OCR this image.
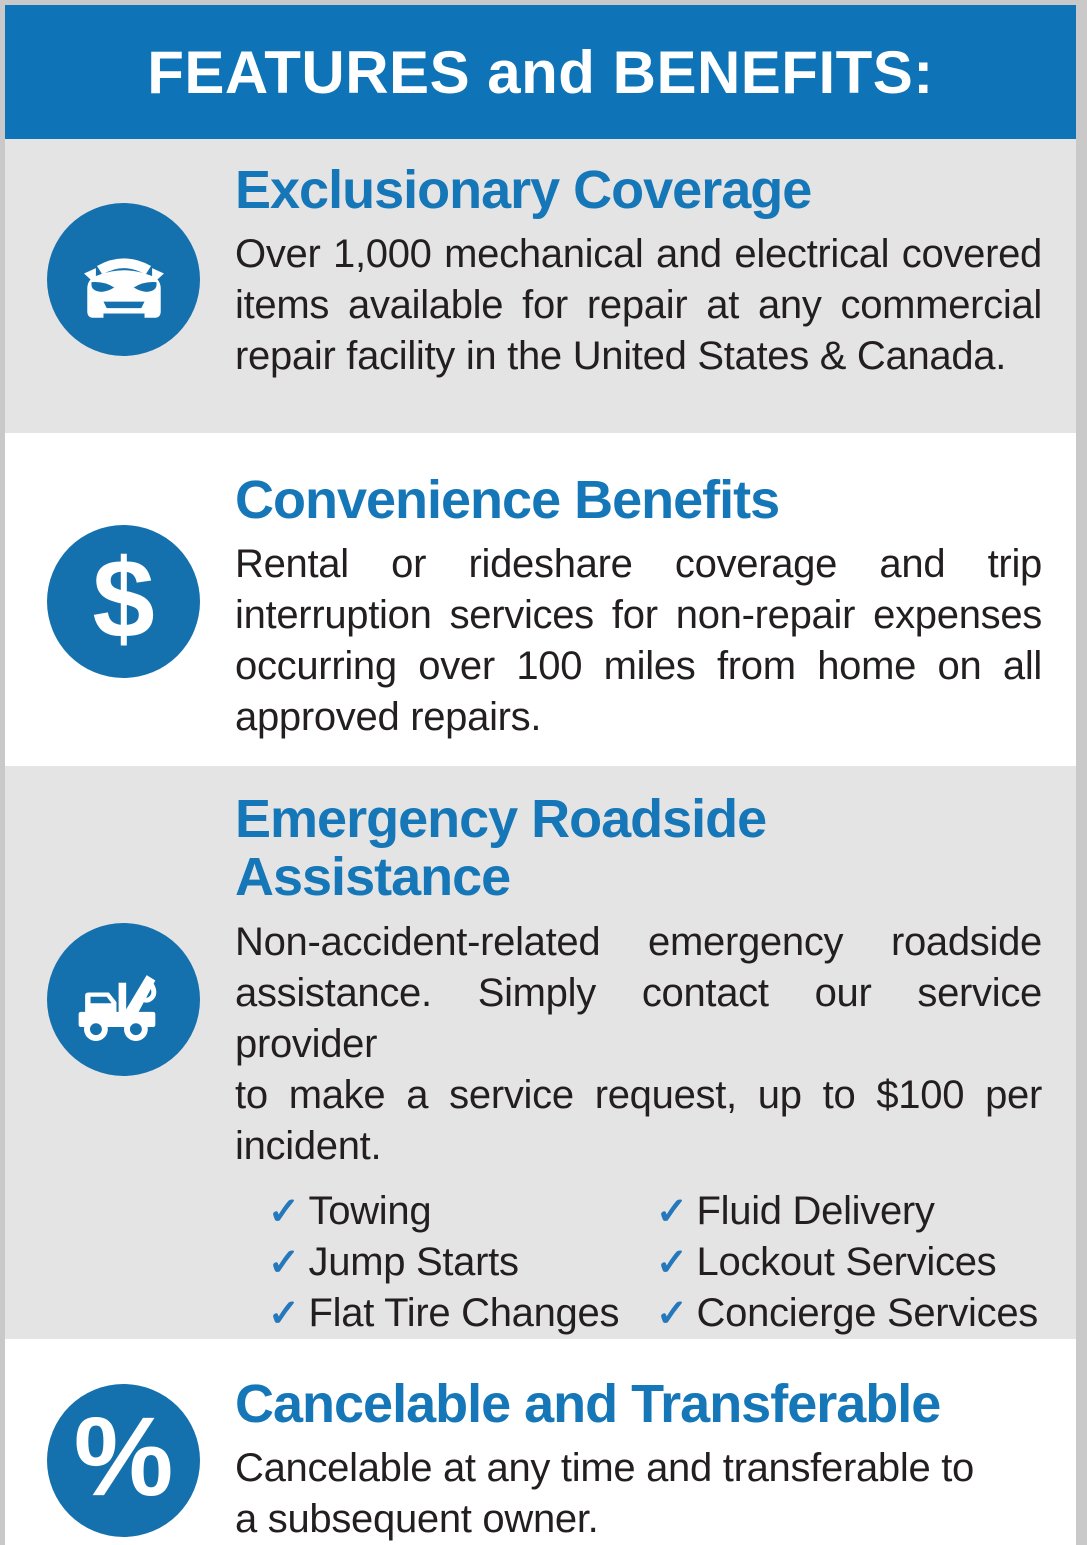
FEATURES and BENEFITS:
Exclusionary Coverage
Over 1,000 mechanical and electrical covered
items available for repair at any commercial
repair facility in the United States & Canada.
$
Convenience Benefits
Rental or rideshare coverage and trip
interruption services for non-repair expenses
occurring over 100 miles from home on all
approved repairs.
Emergency Roadside Assistance
Non-accident-related emergency roadside
assistance. Simply contact our service provider
to make a service request, up to $100 per
incident.
✓ Towing
✓ Jump Starts
✓ Flat Tire Changes
✓ Fluid Delivery
✓ Lockout Services
✓ Concierge Services
% Cancelable and Transferable
Cancelable at any time and transferable to
a subsequent owner.
